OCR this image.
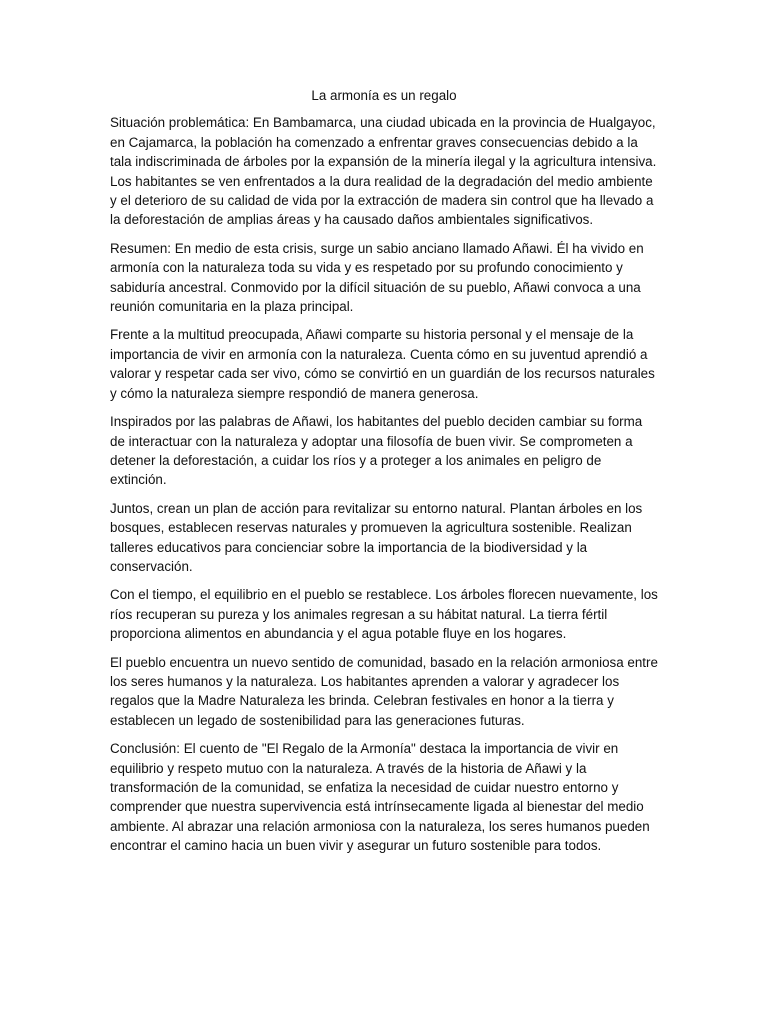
La armonía es un regalo

Situación problemática: En Bambamarca, una ciudad ubicada en la provincia de Hualgayoc, en Cajamarca, la población ha comenzado a enfrentar graves consecuencias debido a la tala indiscriminada de árboles por la expansión de la minería ilegal y la agricultura intensiva. Los habitantes se ven enfrentados a la dura realidad de la degradación del medio ambiente y el deterioro de su calidad de vida por la extracción de madera sin control que ha llevado a la deforestación de amplias áreas y ha causado daños ambientales significativos.

Resumen: En medio de esta crisis, surge un sabio anciano llamado Añawi. Él ha vivido en armonía con la naturaleza toda su vida y es respetado por su profundo conocimiento y sabiduría ancestral. Conmovido por la difícil situación de su pueblo, Añawi convoca a una reunión comunitaria en la plaza principal.

Frente a la multitud preocupada, Añawi comparte su historia personal y el mensaje de la importancia de vivir en armonía con la naturaleza. Cuenta cómo en su juventud aprendió a valorar y respetar cada ser vivo, cómo se convirtió en un guardián de los recursos naturales y cómo la naturaleza siempre respondió de manera generosa.

Inspirados por las palabras de Añawi, los habitantes del pueblo deciden cambiar su forma de interactuar con la naturaleza y adoptar una filosofía de buen vivir. Se comprometen a detener la deforestación, a cuidar los ríos y a proteger a los animales en peligro de extinción.

Juntos, crean un plan de acción para revitalizar su entorno natural. Plantan árboles en los bosques, establecen reservas naturales y promueven la agricultura sostenible. Realizan talleres educativos para concienciar sobre la importancia de la biodiversidad y la conservación.

Con el tiempo, el equilibrio en el pueblo se restablece. Los árboles florecen nuevamente, los ríos recuperan su pureza y los animales regresan a su hábitat natural. La tierra fértil proporciona alimentos en abundancia y el agua potable fluye en los hogares.

El pueblo encuentra un nuevo sentido de comunidad, basado en la relación armoniosa entre los seres humanos y la naturaleza. Los habitantes aprenden a valorar y agradecer los regalos que la Madre Naturaleza les brinda. Celebran festivales en honor a la tierra y establecen un legado de sostenibilidad para las generaciones futuras.

Conclusión: El cuento de "El Regalo de la Armonía" destaca la importancia de vivir en equilibrio y respeto mutuo con la naturaleza. A través de la historia de Añawi y la transformación de la comunidad, se enfatiza la necesidad de cuidar nuestro entorno y comprender que nuestra supervivencia está intrínsecamente ligada al bienestar del medio ambiente. Al abrazar una relación armoniosa con la naturaleza, los seres humanos pueden encontrar el camino hacia un buen vivir y asegurar un futuro sostenible para todos.
